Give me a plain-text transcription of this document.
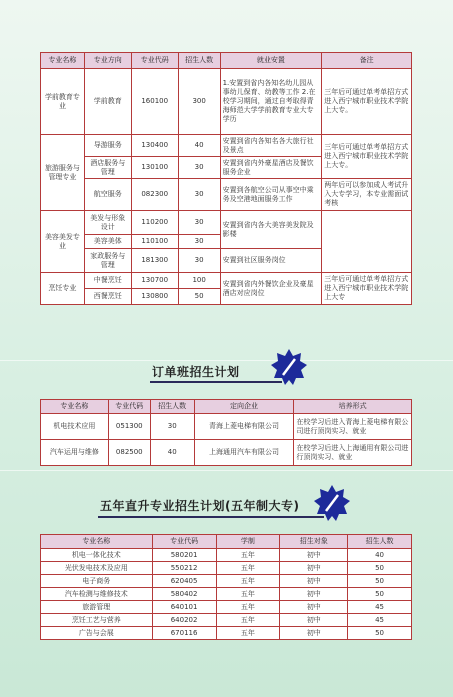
专业名称	专业方向	专业代码	招生人数	就业安置	备注
学前教育专业	学前教育	160100	300	1.安置到省内各知名幼儿园从事幼儿保育、幼教等工作 2.在校学习期间，通过自考取得青海师范大学学前教育专业大专学历	三年后可通过单考单招方式进入西宁城市职业技术学院上大专。
旅游服务与管理专业	导游服务	130400	40	安置到省内各知名各大旅行社及景点	三年后可通过单考单招方式进入西宁城市职业技术学院上大专。
	酒店服务与管理	130100	30	安置到省内外豪星酒店及餐饮服务企业	
	航空服务	082300	30	安置到各航空公司从事空中乘务及空港地面服务工作	两年后可以参加成人考试升入大专学习，本专业需面试考核
美容美发专业	美发与形象设计	110200	30	安置到省内各大美容美发院及影楼	
	美容美体	110100	30		
	家政服务与管理	181300	30	安置到社区服务岗位	
烹饪专业	中餐烹饪	130700	100	安置到省内外餐饮企业及豪星酒店对应岗位	三年后可通过单考单招方式进入西宁城市职业技术学院上大专
	西餐烹饪	130800	50		
订单班招生计划
专业名称	专业代码	招生人数	定向企业	培养形式
机电技术应用	051300	30	青海上菱电梯有限公司	在校学习后进入青海上菱电梯有限公司进行顶岗实习、就业
汽车运用与维修	082500	40	上海通用汽车有限公司	在校学习后进入上海通用有限公司进行顶岗实习、就业
五年直升专业招生计划(五年制大专)
专业名称	专业代码	学制	招生对象	招生人数
机电一体化技术	580201	五年	初中	40
光伏发电技术及应用	550212	五年	初中	50
电子商务	620405	五年	初中	50
汽车检测与维修技术	580402	五年	初中	50
旅游管理	640101	五年	初中	45
烹饪工艺与营养	640202	五年	初中	45
广告与会展	670116	五年	初中	50
